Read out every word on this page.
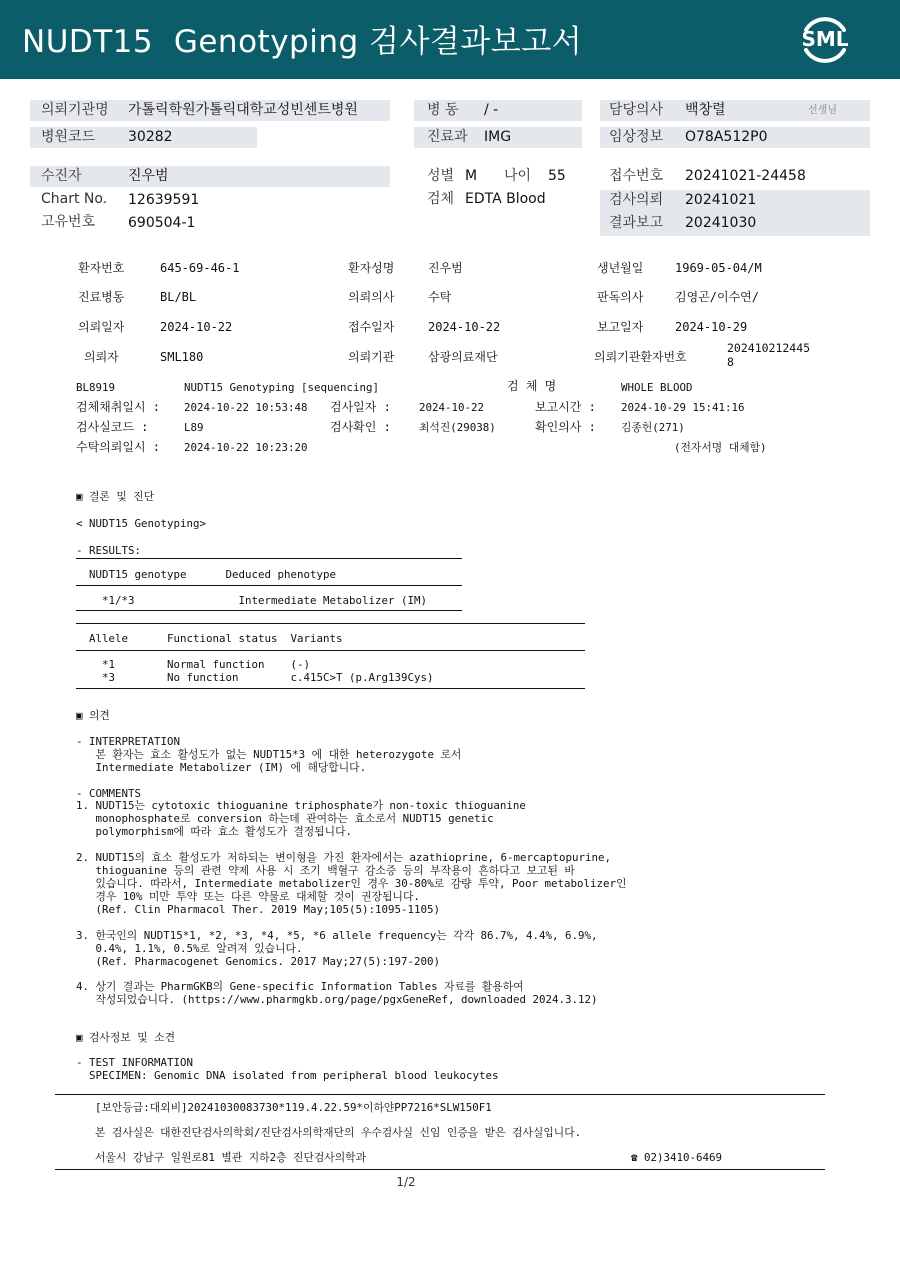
NUDT15  Genotyping 검사결과보고서	SML
의뢰기관명 가톨릭학원가톨릭대학교성빈센트병원	병 동 / -	담당의사 백창렬	선생님
병원코드 30282	진료과 IMG	임상정보 O78A512P0
수진자	진우범	성별 M 나이 55	접수번호 20241021-24458
Chart No. 12639591	검체 EDTA Blood	검사의뢰 20241021
고유번호 690504-1	결과보고 20241030
환자번호	645-69-46-1	환자성명	진우범	생년월일	1969-05-04/M
진료병동	BL/BL	의뢰의사	수탁	판독의사	김영곤/이수연/
의뢰일자	2024-10-22	접수일자	2024-10-22	보고일자	2024-10-29
의뢰자	SML180	의뢰기관	삼광의료재단	의뢰기관환자번호
202410212445
8
BL8919	NUDT15 Genotyping [sequencing]	검 체 명	WHOLE BLOOD
검체채취일시 : 2024-10-22 10:53:48 검사일자 :	2024-10-22	보고시간 : 2024-10-29 15:41:16
검사실코드 :	L89	검사확인 :	최석진(29038)	확인의사 : 김종헌(271)
수탁의뢰일시 : 2024-10-22 10:23:20	(전자서명 대체함)
▣ 결론 및 진단
< NUDT15 Genotyping>
- RESULTS:
NUDT15 genotype      Deduced phenotype
*1/*3                Intermediate Metabolizer (IM)
Allele      Functional status  Variants
*1        Normal function    (-)
*3        No function        c.415C>T (p.Arg139Cys)
▣ 의견
- INTERPRETATION
본 환자는 효소 활성도가 없는 NUDT15*3 에 대한 heterozygote 로서
Intermediate Metabolizer (IM) 에 해당합니다.
- COMMENTS
1. NUDT15는 cytotoxic thioguanine triphosphate가 non-toxic thioguanine
monophosphate로 conversion 하는데 관여하는 효소로서 NUDT15 genetic
polymorphism에 따라 효소 활성도가 결정됩니다.
2. NUDT15의 효소 활성도가 저하되는 변이형을 가진 환자에서는 azathioprine, 6-mercaptopurine,
thioguanine 등의 관련 약제 사용 시 조기 백혈구 감소증 등의 부작용이 흔하다고 보고된 바
있습니다. 따라서, Intermediate metabolizer인 경우 30-80%로 감량 투약, Poor metabolizer인
경우 10% 미만 투약 또는 다른 약물로 대체할 것이 권장됩니다.
(Ref. Clin Pharmacol Ther. 2019 May;105(5):1095-1105)
3. 한국인의 NUDT15*1, *2, *3, *4, *5, *6 allele frequency는 각각 86.7%, 4.4%, 6.9%,
0.4%, 1.1%, 0.5%로 알려져 있습니다.
(Ref. Pharmacogenet Genomics. 2017 May;27(5):197-200)
4. 상기 결과는 PharmGKB의 Gene-specific Information Tables 자료를 활용하여
작성되었습니다. (https://www.pharmgkb.org/page/pgxGeneRef, downloaded 2024.3.12)
▣ 검사정보 및 소견
- TEST INFORMATION
SPECIMEN: Genomic DNA isolated from peripheral blood leukocytes
[보안등급:대외비]20241030083730*119.4.22.59*이하얀PP7216*SLW150F1
본 검사실은 대한진단검사의학회/진단검사의학재단의 우수검사실 신임 인증을 받은 검사실입니다.
서울시 강남구 일원로81 별관 지하2층 진단검사의학과	☎ 02)3410-6469
1/2
